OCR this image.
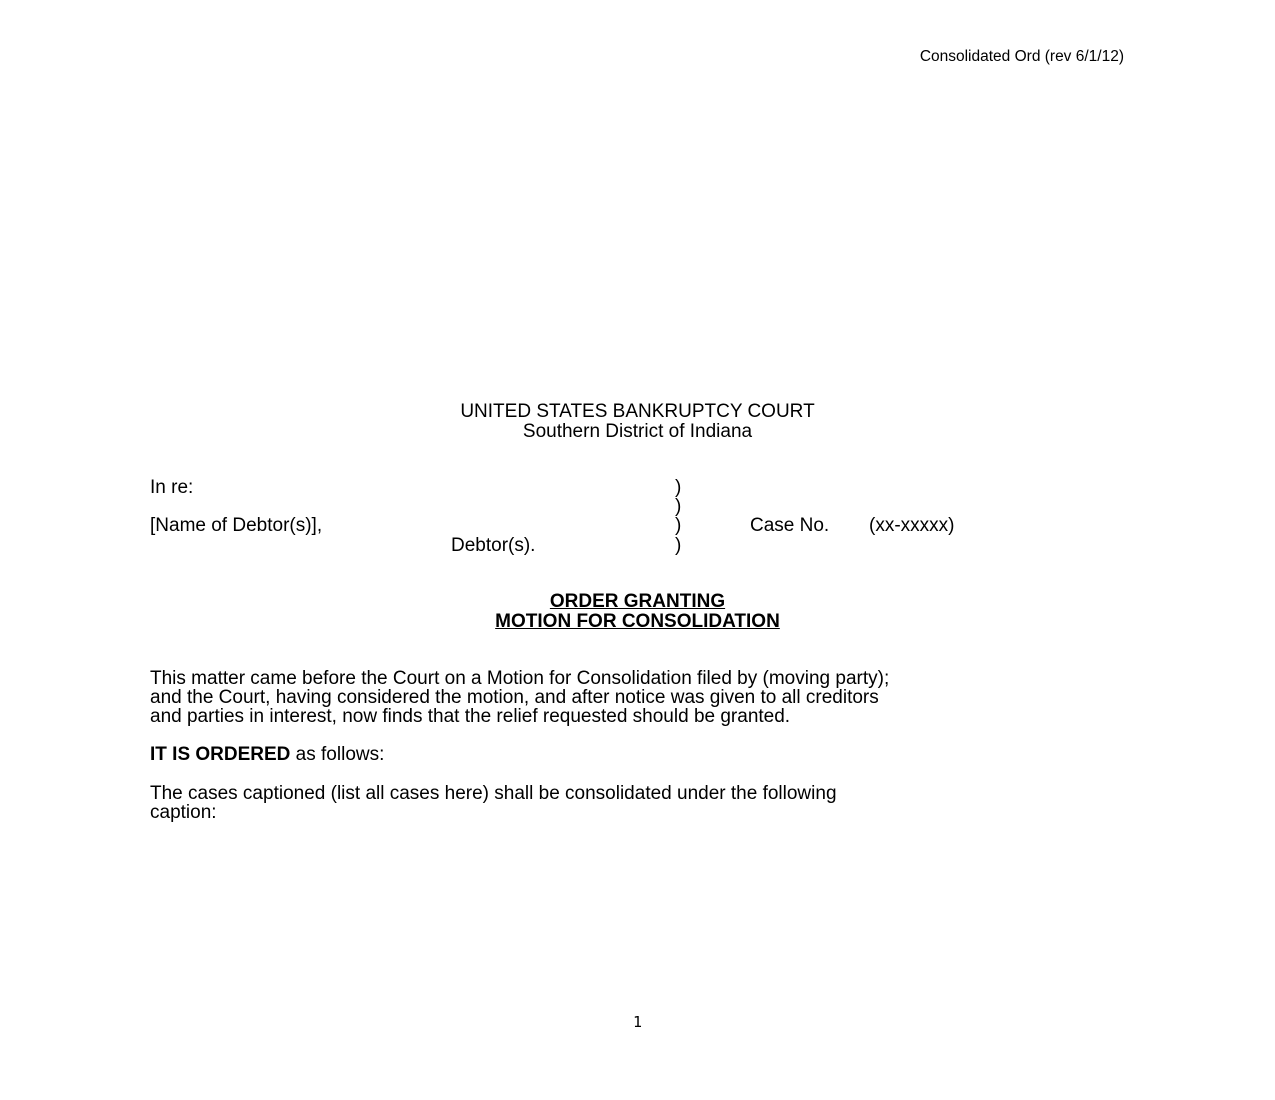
Consolidated Ord (rev 6/1/12)
UNITED STATES BANKRUPTCY COURT
Southern District of Indiana
In re:
[Name of Debtor(s)],
Debtor(s).
)
)
)
)
Case No. (xx-xxxxx)
ORDER GRANTING
MOTION FOR CONSOLIDATION
This matter came before the Court on a Motion for Consolidation filed by (moving party);
and the Court, having considered the motion, and after notice was given to all creditors
and parties in interest, now finds that the relief requested should be granted.
IT IS ORDERED as follows:
The cases captioned (list all cases here) shall be consolidated under the following
caption:
1
